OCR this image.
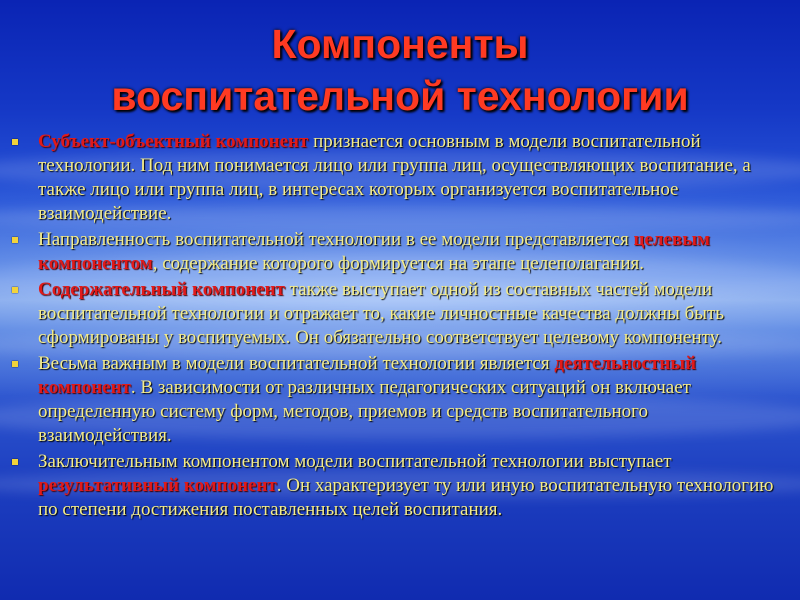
Компоненты
воспитательной технологии
Субъект-объектный компонент признается основным в модели воспитательной технологии. Под ним понимается лицо или группа лиц, осуществляющих воспитание, а также лицо или группа лиц, в интересах которых организуется воспитательное взаимодействие.
Направленность воспитательной технологии в ее модели представляется целевым компонентом, содержание которого формируется на этапе целеполагания.
Содержательный компонент также выступает одной из составных частей модели воспитательной технологии и отражает то, какие личностные качества должны быть сформированы у воспитуемых. Он обязательно соответствует целевому компоненту.
Весьма важным в модели воспитательной технологии является деятельностный компонент. В зависимости от различных педагогических ситуаций он включает определенную систему форм, методов, приемов и средств воспитательного взаимодействия.
Заключительным компонентом модели воспитательной технологии выступает результативный компонент. Он характеризует ту или иную воспитательную технологию по степени достижения поставленных целей воспитания.
